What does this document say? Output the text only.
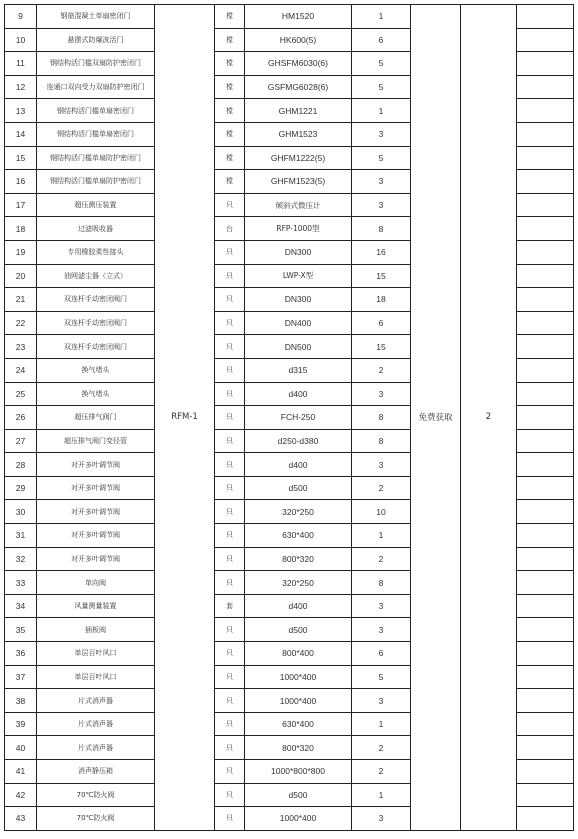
9	钢筋混凝土单扇密闭门	RFM-1	樘	HM1520	1	免费获取	2	
10	悬摆式防爆波活门		樘	HK600(5)	6			
11	钢结构活门槛双扇防护密闭门		樘	GHSFM6030(6)	5			
12	连通口双向受力双扇防护密闭门		樘	GSFMG6028(6)	5			
13	钢结构活门槛单扇密闭门		樘	GHM1221	1			
14	钢结构活门槛单扇密闭门		樘	GHM1523	3			
15	钢结构活门槛单扇防护密闭门		樘	GHFM1222(5)	5			
16	钢结构活门槛单扇防护密闭门		樘	GHFM1523(5)	3			
17	超压测压装置		只	倾斜式微压计	3			
18	过滤吸收器		台	RFP-1000型	8			
19	专用橡胶柔性接头		只	DN300	16			
20	油网滤尘器（立式）		只	LWP-X型	15			
21	双连杆手动密闭阀门		只	DN300	18			
22	双连杆手动密闭阀门		只	DN400	6			
23	双连杆手动密闭阀门		只	DN500	15			
24	换气堵头		只	d315	2			
25	换气堵头		只	d400	3			
26	超压排气阀门		只	FCH-250	8			
27	超压排气阀门变径管		只	d250-d380	8			
28	对开多叶调节阀		只	d400	3			
29	对开多叶调节阀		只	d500	2			
30	对开多叶调节阀		只	320*250	10			
31	对开多叶调节阀		只	630*400	1			
32	对开多叶调节阀		只	800*320	2			
33	单向阀		只	320*250	8			
34	风量测量装置		套	d400	3			
35	插板阀		只	d500	3			
36	单层百叶风口		只	800*400	6			
37	单层百叶风口		只	1000*400	5			
38	片式消声器		只	1000*400	3			
39	片式消声器		只	630*400	1			
40	片式消声器		只	800*320	2			
41	消声静压箱		只	1000*800*800	2			
42	70℃防火阀		只	d500	1			
43	70℃防火阀		只	1000*400	3			
